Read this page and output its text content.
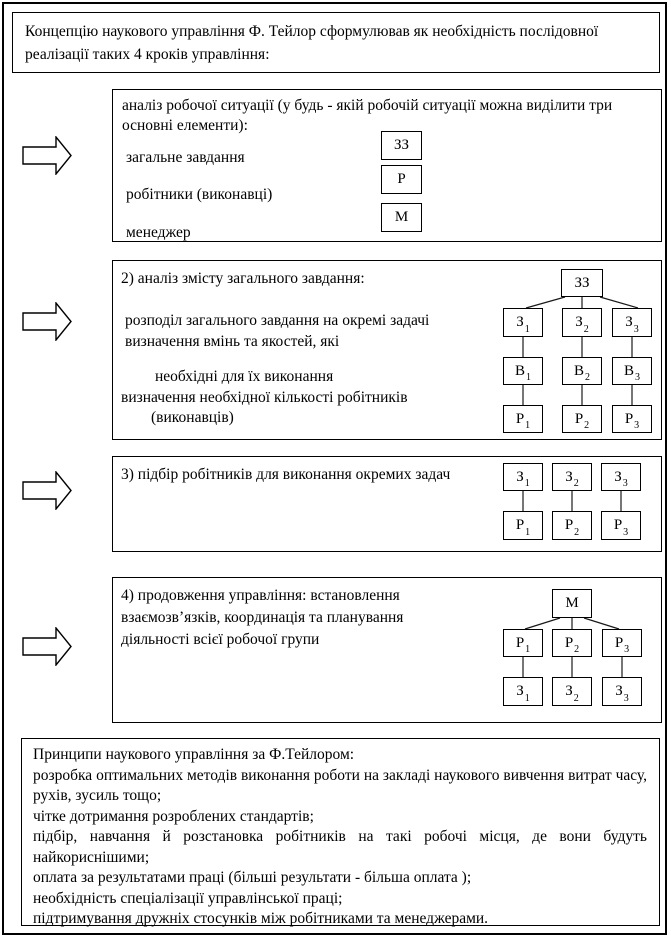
Концепцію наукового управління Ф. Тейлор сформулював як необхідність послідовної реалізації таких 4 кроків управління:
аналіз робочої ситуації (у будь - якій робочій ситуації можна виділити три основні елементи):
загальне завдання
робітники (виконавці)
менеджер
ЗЗ
Р
М
2) аналіз змісту загального завдання:
розподіл загального завдання на окремі задачі
визначення вмінь та якостей, які
необхідні для їх виконання
визначення необхідної кількості робітників
(виконавців)
ЗЗ
З 1	З 2 З 3
В 1	В 2 В 3
Р 1	Р 2 Р 3
3) підбір робітників для виконання окремих задач	З 1 З 2 З 3
Р 1 Р 2 Р 3
4) продовження управління: встановлення
взаємозв’язків, координація та планування
діяльності всієї робочої групи
М
Р 1 Р 2 Р 3
З 1 З 2 З 3
Принципи наукового управління за Ф.Тейлором:
розробка оптимальних методів виконання роботи на закладі наукового вивчення витрат часу, рухів, зусиль тощо;
чітке дотримання розроблених стандартів;
підбір, навчання й розстановка робітників на такі робочі місця, де вони будуть найкориснішими;
оплата за результатами праці (більші результати - більша оплата );
необхідність спеціалізації управлінської праці;
підтримування дружніх стосунків між робітниками та менеджерами.
